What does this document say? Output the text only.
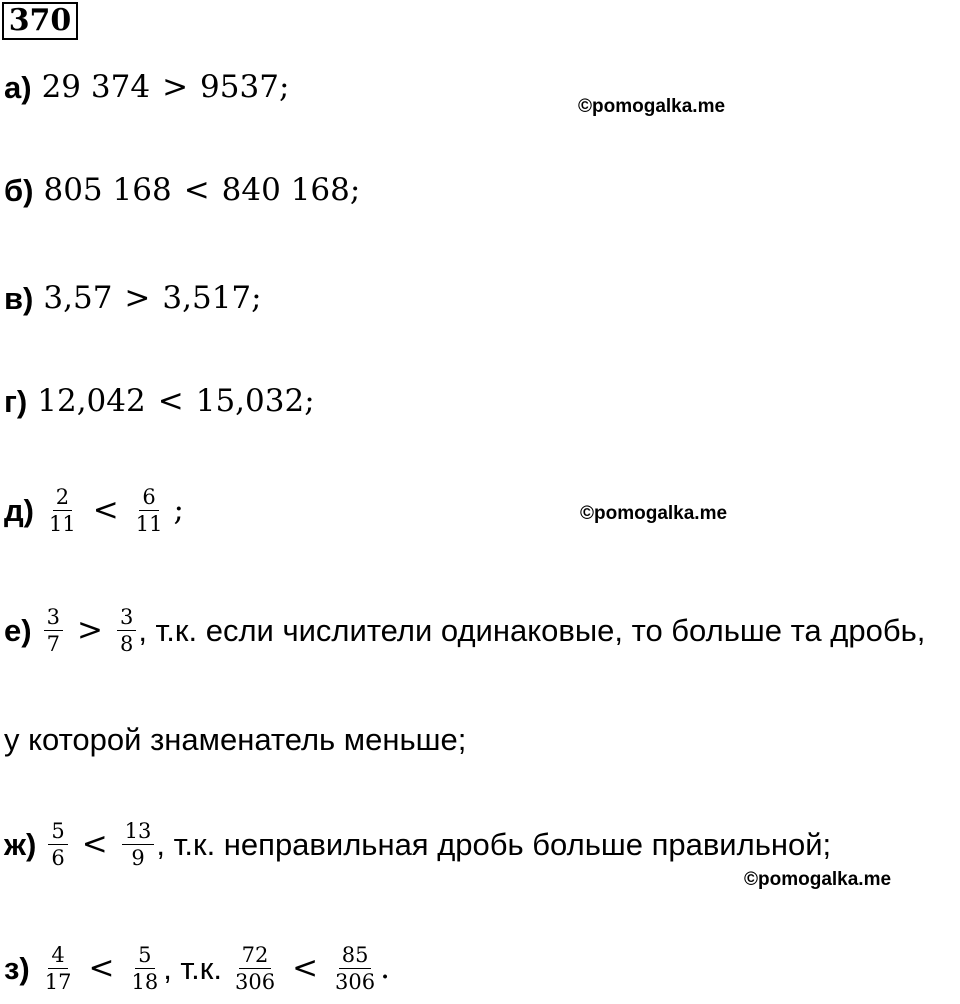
370
©pomogalka.me
©pomogalka.me
©pomogalka.me
а) 29 374 > 9537 ;
б) 805 168 < 840 168 ;
в) 3,57 > 3,517 ;
г) 12,042 < 15,032 ;
$д) \frac{2}{11} < \frac{6}{11}$ ;
$е) \frac{3}{7} > \frac{3}{8}$ , т.к. если числители одинаковые, то больше та дробь,
у которой знаменатель меньше;
$ж) \frac{5}{6} < \frac{13}{9}$ , т.к. неправильная дробь больше правильной;
$з) \frac{4}{17} < \frac{5}{18}$ , т.к. $\frac{72}{306} < \frac{85}{306}$ .
